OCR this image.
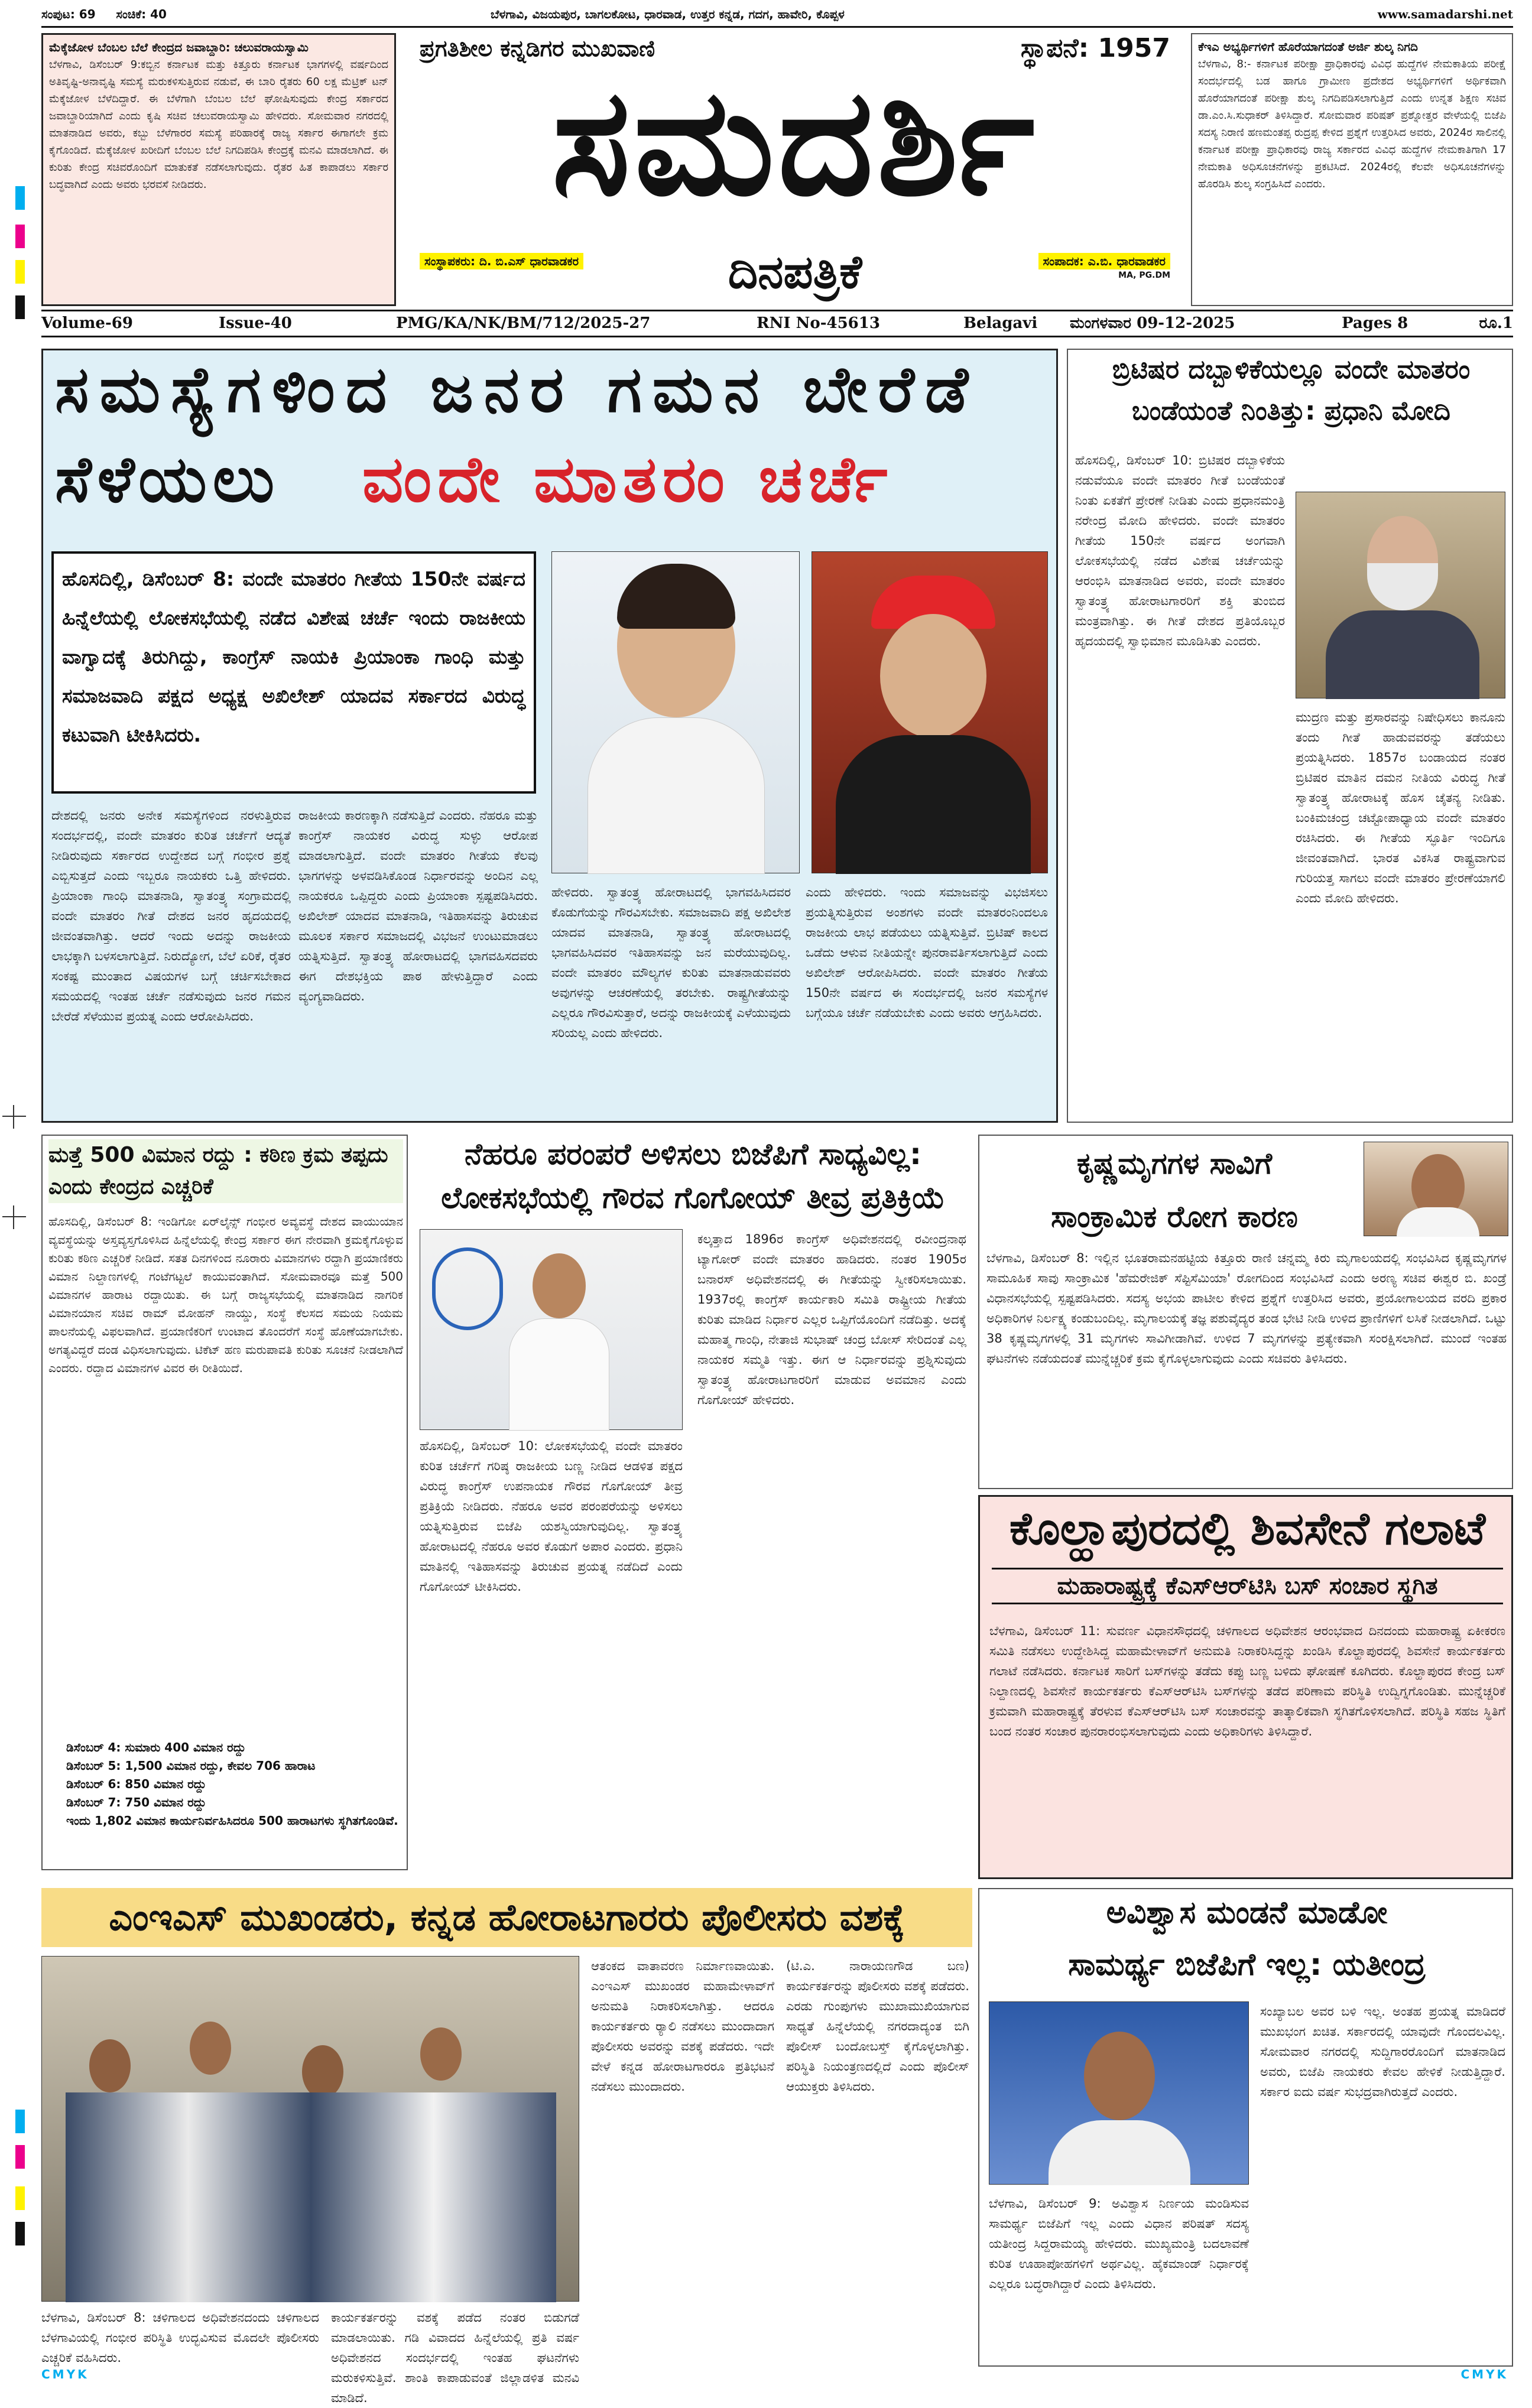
ಸಂಪುಟ: 69     ಸಂಚಿಕೆ: 40	ಬೆಳಗಾವಿ, ವಿಜಯಪುರ, ಬಾಗಲಕೋಟ, ಧಾರವಾಡ, ಉತ್ತರ ಕನ್ನಡ, ಗದಗ, ಹಾವೇರಿ, ಕೊಪ್ಪಳ	www.samadarshi.net
ಮೆಕ್ಕೆಜೋಳ ಬೆಂಬಲ ಬೆಲೆ ಕೇಂದ್ರದ ಜವಾಬ್ದಾರಿ: ಚಲುವರಾಯಸ್ವಾಮಿ
ಬೆಳಗಾವಿ, ಡಿಸೆಂಬರ್ 9:ಕಬ್ಬಿನ ಕರ್ನಾಟಕ ಮತ್ತು ಕಿತ್ತೂರು ಕರ್ನಾಟಕ ಭಾಗಗಳಲ್ಲಿ ವರ್ಷದಿಂದ ಅತಿವೃಷ್ಟಿ-ಅನಾವೃಷ್ಟಿ ಸಮಸ್ಯೆ ಮರುಕಳಿಸುತ್ತಿರುವ ನಡುವೆ, ಈ ಬಾರಿ ರೈತರು 60 ಲಕ್ಷ ಮೆಟ್ರಿಕ್ ಟನ್ ಮೆಕ್ಕೆಜೋಳ ಬೆಳೆದಿದ್ದಾರೆ. ಈ ಬೆಳೆಗಾಗಿ ಬೆಂಬಲ ಬೆಲೆ ಘೋಷಿಸುವುದು ಕೇಂದ್ರ ಸರ್ಕಾರದ ಜವಾಬ್ದಾರಿಯಾಗಿದೆ ಎಂದು ಕೃಷಿ ಸಚಿವ ಚಲುವರಾಯಸ್ವಾಮಿ ಹೇಳಿದರು. ಸೋಮವಾರ ನಗರದಲ್ಲಿ ಮಾತನಾಡಿದ ಅವರು, ಕಬ್ಬು ಬೆಳೆಗಾರರ ಸಮಸ್ಯೆ ಪರಿಹಾರಕ್ಕೆ ರಾಜ್ಯ ಸರ್ಕಾರ ಈಗಾಗಲೇ ಕ್ರಮ ಕೈಗೊಂಡಿದೆ. ಮೆಕ್ಕೆಜೋಳ ಖರೀದಿಗೆ ಬೆಂಬಲ ಬೆಲೆ ನಿಗದಿಪಡಿಸಿ ಕೇಂದ್ರಕ್ಕೆ ಮನವಿ ಮಾಡಲಾಗಿದೆ. ಈ ಕುರಿತು ಕೇಂದ್ರ ಸಚಿವರೊಂದಿಗೆ ಮಾತುಕತೆ ನಡೆಸಲಾಗುವುದು. ರೈತರ ಹಿತ ಕಾಪಾಡಲು ಸರ್ಕಾರ ಬದ್ಧವಾಗಿದೆ ಎಂದು ಅವರು ಭರವಸೆ ನೀಡಿದರು.
ಪ್ರಗತಿಶೀಲ ಕನ್ನಡಿಗರ ಮುಖವಾಣಿ	ಸ್ಥಾಪನೆ: 1957
ಸಮದರ್ಶಿ
ಸಂಸ್ಥಾಪಕರು: ದಿ. ಬಿ.ಎಸ್ ಧಾರವಾಡಕರ	ದಿನಪತ್ರಿಕೆ	ಸಂಪಾದಕ: ಎ.ಬಿ. ಧಾರವಾಡಕರ
MA, PG.DM
ಕೆಇಎ ಅಭ್ಯರ್ಥಿಗಳಿಗೆ ಹೊರೆಯಾಗದಂತೆ ಅರ್ಜಿ ಶುಲ್ಕ ನಿಗದಿ
ಬೆಳಗಾವಿ, 8:- ಕರ್ನಾಟಕ ಪರೀಕ್ಷಾ ಪ್ರಾಧಿಕಾರವು ವಿವಿಧ ಹುದ್ದೆಗಳ ನೇಮಕಾತಿಯ ಪರೀಕ್ಷೆ ಸಂದರ್ಭದಲ್ಲಿ ಬಡ ಹಾಗೂ ಗ್ರಾಮೀಣ ಪ್ರದೇಶದ ಅಭ್ಯರ್ಥಿಗಳಿಗೆ ಅರ್ಥಿಕವಾಗಿ ಹೊರೆಯಾಗದಂತೆ ಪರೀಕ್ಷಾ ಶುಲ್ಕ ನಿಗದಿಪಡಿಸಲಾಗುತ್ತಿದೆ ಎಂದು ಉನ್ನತ ಶಿಕ್ಷಣ ಸಚಿವ ಡಾ.ಎಂ.ಸಿ.ಸುಧಾಕರ್ ತಿಳಿಸಿದ್ದಾರೆ. ಸೋಮವಾರ ಪರಿಷತ್ ಪ್ರಶ್ನೋತ್ತರ ವೇಳೆಯಲ್ಲಿ ಬಿಜೆಪಿ ಸದಸ್ಯ ನಿರಾಣಿ ಹಣಮಂತಪ್ಪ ರುದ್ರಪ್ಪ ಕೇಳಿದ ಪ್ರಶ್ನೆಗೆ ಉತ್ತರಿಸಿದ ಅವರು, 2024ರ ಸಾಲಿನಲ್ಲಿ ಕರ್ನಾಟಕ ಪರೀಕ್ಷಾ ಪ್ರಾಧಿಕಾರವು ರಾಜ್ಯ ಸರ್ಕಾರದ ವಿವಿಧ ಹುದ್ದೆಗಳ ನೇಮಕಾತಿಗಾಗಿ 17 ನೇಮಕಾತಿ ಅಧಿಸೂಚನೆಗಳನ್ನು ಪ್ರಕಟಿಸಿದೆ. 2024ರಲ್ಲಿ ಕೆಲವೇ ಅಧಿಸೂಚನೆಗಳನ್ನು ಹೊರಡಿಸಿ ಶುಲ್ಕ ಸಂಗ್ರಹಿಸಿದೆ ಎಂದರು.
Volume-69	Issue-40	PMG/KA/NK/BM/712/2025-27	RNI No-45613	Belagavi ಮಂಗಳವಾರ 09-12-2025	Pages 8	ರೂ.1
ಸಮಸ್ಯೆಗಳಿಂದ ಜನರ ಗಮನ ಬೇರೆಡೆ
ಸೆಳೆಯಲು ವಂದೇ ಮಾತರಂ ಚರ್ಚೆ
ಹೊಸದಿಲ್ಲಿ, ಡಿಸೆಂಬರ್ 8: ವಂದೇ ಮಾತರಂ ಗೀತೆಯ 150ನೇ ವರ್ಷದ ಹಿನ್ನೆಲೆಯಲ್ಲಿ ಲೋಕಸಭೆಯಲ್ಲಿ ನಡೆದ ವಿಶೇಷ ಚರ್ಚೆ ಇಂದು ರಾಜಕೀಯ ವಾಗ್ವಾದಕ್ಕೆ ತಿರುಗಿದ್ದು, ಕಾಂಗ್ರೆಸ್ ನಾಯಕಿ ಪ್ರಿಯಾಂಕಾ ಗಾಂಧಿ ಮತ್ತು ಸಮಾಜವಾದಿ ಪಕ್ಷದ ಅಧ್ಯಕ್ಷ ಅಖಿಲೇಶ್ ಯಾದವ ಸರ್ಕಾರದ ವಿರುದ್ಧ ಕಟುವಾಗಿ ಟೀಕಿಸಿದರು.
ದೇಶದಲ್ಲಿ ಜನರು ಅನೇಕ ಸಮಸ್ಯೆಗಳಿಂದ ನರಳುತ್ತಿರುವ ಸಂದರ್ಭದಲ್ಲಿ, ವಂದೇ ಮಾತರಂ ಕುರಿತ ಚರ್ಚೆಗೆ ಆದ್ಯತೆ ನೀಡಿರುವುದು ಸರ್ಕಾರದ ಉದ್ದೇಶದ ಬಗ್ಗೆ ಗಂಭೀರ ಪ್ರಶ್ನೆ ಎಬ್ಬಿಸುತ್ತದೆ ಎಂದು ಇಬ್ಬರೂ ನಾಯಕರು ಒತ್ತಿ ಹೇಳಿದರು. ಪ್ರಿಯಾಂಕಾ ಗಾಂಧಿ ಮಾತನಾಡಿ, ಸ್ವಾತಂತ್ರ್ಯ ಸಂಗ್ರಾಮದಲ್ಲಿ ವಂದೇ ಮಾತರಂ ಗೀತೆ ದೇಶದ ಜನರ ಹೃದಯದಲ್ಲಿ ಜೀವಂತವಾಗಿತ್ತು. ಆದರೆ ಇಂದು ಅದನ್ನು ರಾಜಕೀಯ ಲಾಭಕ್ಕಾಗಿ ಬಳಸಲಾಗುತ್ತಿದೆ. ನಿರುದ್ಯೋಗ, ಬೆಲೆ ಏರಿಕೆ, ರೈತರ ಸಂಕಷ್ಟ ಮುಂತಾದ ವಿಷಯಗಳ ಬಗ್ಗೆ ಚರ್ಚಿಸಬೇಕಾದ ಸಮಯದಲ್ಲಿ ಇಂತಹ ಚರ್ಚೆ ನಡೆಸುವುದು ಜನರ ಗಮನ ಬೇರೆಡೆ ಸೆಳೆಯುವ ಪ್ರಯತ್ನ ಎಂದು ಆರೋಪಿಸಿದರು.
ರಾಜಕೀಯ ಕಾರಣಕ್ಕಾಗಿ ನಡೆಸುತ್ತಿದೆ ಎಂದರು. ನೆಹರೂ ಮತ್ತು ಕಾಂಗ್ರೆಸ್ ನಾಯಕರ ವಿರುದ್ಧ ಸುಳ್ಳು ಆರೋಪ ಮಾಡಲಾಗುತ್ತಿದೆ. ವಂದೇ ಮಾತರಂ ಗೀತೆಯ ಕೆಲವು ಭಾಗಗಳನ್ನು ಅಳವಡಿಸಿಕೊಂಡ ನಿರ್ಧಾರವನ್ನು ಅಂದಿನ ಎಲ್ಲ ನಾಯಕರೂ ಒಪ್ಪಿದ್ದರು ಎಂದು ಪ್ರಿಯಾಂಕಾ ಸ್ಪಷ್ಟಪಡಿಸಿದರು. ಅಖಿಲೇಶ್ ಯಾದವ ಮಾತನಾಡಿ, ಇತಿಹಾಸವನ್ನು ತಿರುಚುವ ಮೂಲಕ ಸರ್ಕಾರ ಸಮಾಜದಲ್ಲಿ ವಿಭಜನೆ ಉಂಟುಮಾಡಲು ಯತ್ನಿಸುತ್ತಿದೆ. ಸ್ವಾತಂತ್ರ್ಯ ಹೋರಾಟದಲ್ಲಿ ಭಾಗವಹಿಸದವರು ಈಗ ದೇಶಭಕ್ತಿಯ ಪಾಠ ಹೇಳುತ್ತಿದ್ದಾರೆ ಎಂದು ವ್ಯಂಗ್ಯವಾಡಿದರು.
ಹೇಳಿದರು. ಸ್ವಾತಂತ್ರ್ಯ ಹೋರಾಟದಲ್ಲಿ ಭಾಗವಹಿಸಿದವರ ಕೊಡುಗೆಯನ್ನು ಗೌರವಿಸಬೇಕು. ಸಮಾಜವಾದಿ ಪಕ್ಷ ಅಖಿಲೇಶ ಯಾದವ ಮಾತನಾಡಿ, ಸ್ವಾತಂತ್ರ್ಯ ಹೋರಾಟದಲ್ಲಿ ಭಾಗವಹಿಸಿದವರ ಇತಿಹಾಸವನ್ನು ಜನ ಮರೆಯುವುದಿಲ್ಲ. ವಂದೇ ಮಾತರಂ ಮೌಲ್ಯಗಳ ಕುರಿತು ಮಾತನಾಡುವವರು ಅವುಗಳನ್ನು ಆಚರಣೆಯಲ್ಲಿ ತರಬೇಕು. ರಾಷ್ಟ್ರಗೀತೆಯನ್ನು ಎಲ್ಲರೂ ಗೌರವಿಸುತ್ತಾರೆ, ಅದನ್ನು ರಾಜಕೀಯಕ್ಕೆ ಎಳೆಯುವುದು ಸರಿಯಲ್ಲ ಎಂದು ಹೇಳಿದರು.
ಎಂದು ಹೇಳಿದರು. ಇಂದು ಸಮಾಜವನ್ನು ವಿಭಜಿಸಲು ಪ್ರಯತ್ನಿಸುತ್ತಿರುವ ಅಂಶಗಳು ವಂದೇ ಮಾತರಂನಿಂದಲೂ ರಾಜಕೀಯ ಲಾಭ ಪಡೆಯಲು ಯತ್ನಿಸುತ್ತಿವೆ. ಬ್ರಿಟಿಷ್ ಕಾಲದ ಒಡೆದು ಆಳುವ ನೀತಿಯನ್ನೇ ಪುನರಾವರ್ತಿಸಲಾಗುತ್ತಿದೆ ಎಂದು ಅಖಿಲೇಶ್ ಆರೋಪಿಸಿದರು. ವಂದೇ ಮಾತರಂ ಗೀತೆಯ 150ನೇ ವರ್ಷದ ಈ ಸಂದರ್ಭದಲ್ಲಿ ಜನರ ಸಮಸ್ಯೆಗಳ ಬಗ್ಗೆಯೂ ಚರ್ಚೆ ನಡೆಯಬೇಕು ಎಂದು ಅವರು ಆಗ್ರಹಿಸಿದರು.
ಬ್ರಿಟಿಷರ ದಬ್ಬಾಳಿಕೆಯಲ್ಲೂ ವಂದೇ ಮಾತರಂ
ಬಂಡೆಯಂತೆ ನಿಂತಿತ್ತು: ಪ್ರಧಾನಿ ಮೋದಿ
ಹೊಸದಿಲ್ಲಿ, ಡಿಸೆಂಬರ್ 10: ಬ್ರಿಟಿಷರ ದಬ್ಬಾಳಿಕೆಯ ನಡುವೆಯೂ ವಂದೇ ಮಾತರಂ ಗೀತೆ ಬಂಡೆಯಂತೆ ನಿಂತು ಏಕತೆಗೆ ಪ್ರೇರಣೆ ನೀಡಿತು ಎಂದು ಪ್ರಧಾನಮಂತ್ರಿ ನರೇಂದ್ರ ಮೋದಿ ಹೇಳಿದರು. ವಂದೇ ಮಾತರಂ ಗೀತೆಯ 150ನೇ ವರ್ಷದ ಅಂಗವಾಗಿ ಲೋಕಸಭೆಯಲ್ಲಿ ನಡೆದ ವಿಶೇಷ ಚರ್ಚೆಯನ್ನು ಆರಂಭಿಸಿ ಮಾತನಾಡಿದ ಅವರು, ವಂದೇ ಮಾತರಂ ಸ್ವಾತಂತ್ರ್ಯ ಹೋರಾಟಗಾರರಿಗೆ ಶಕ್ತಿ ತುಂಬಿದ ಮಂತ್ರವಾಗಿತ್ತು. ಈ ಗೀತೆ ದೇಶದ ಪ್ರತಿಯೊಬ್ಬರ ಹೃದಯದಲ್ಲಿ ಸ್ವಾಭಿಮಾನ ಮೂಡಿಸಿತು ಎಂದರು.
ಮುದ್ರಣ ಮತ್ತು ಪ್ರಸಾರವನ್ನು ನಿಷೇಧಿಸಲು ಕಾನೂನು ತಂದು ಗೀತೆ ಹಾಡುವವರನ್ನು ತಡೆಯಲು ಪ್ರಯತ್ನಿಸಿದರು. 1857ರ ಬಂಡಾಯದ ನಂತರ ಬ್ರಿಟಿಷರ ಮಾತಿನ ದಮನ ನೀತಿಯ ವಿರುದ್ಧ ಗೀತೆ ಸ್ವಾತಂತ್ರ್ಯ ಹೋರಾಟಕ್ಕೆ ಹೊಸ ಚೈತನ್ಯ ನೀಡಿತು. ಬಂಕಿಮಚಂದ್ರ ಚಟ್ಟೋಪಾಧ್ಯಾಯ ವಂದೇ ಮಾತರಂ ರಚಿಸಿದರು. ಈ ಗೀತೆಯ ಸ್ಫೂರ್ತಿ ಇಂದಿಗೂ ಜೀವಂತವಾಗಿದೆ. ಭಾರತ ವಿಕಸಿತ ರಾಷ್ಟ್ರವಾಗುವ ಗುರಿಯತ್ತ ಸಾಗಲು ವಂದೇ ಮಾತರಂ ಪ್ರೇರಣೆಯಾಗಲಿ ಎಂದು ಮೋದಿ ಹೇಳಿದರು.
ಮತ್ತೆ 500 ವಿಮಾನ ರದ್ದು : ಕಠಿಣ ಕ್ರಮ ತಪ್ಪದು ಎಂದು ಕೇಂದ್ರದ ಎಚ್ಚರಿಕೆ
ಹೊಸದಿಲ್ಲಿ, ಡಿಸೆಂಬರ್ 8: ಇಂಡಿಗೋ ಏರ್‌ಲೈನ್ಸ್ ಗಂಭೀರ ಅವ್ಯವಸ್ಥೆ ದೇಶದ ವಾಯುಯಾನ ವ್ಯವಸ್ಥೆಯನ್ನು ಅಸ್ತವ್ಯಸ್ತಗೊಳಿಸಿದ ಹಿನ್ನೆಲೆಯಲ್ಲಿ ಕೇಂದ್ರ ಸರ್ಕಾರ ಈಗ ನೇರವಾಗಿ ಕ್ರಮಕೈಗೊಳ್ಳುವ ಕುರಿತು ಕಠಿಣ ಎಚ್ಚರಿಕೆ ನೀಡಿದೆ. ಸತತ ದಿನಗಳಿಂದ ನೂರಾರು ವಿಮಾನಗಳು ರದ್ದಾಗಿ ಪ್ರಯಾಣಿಕರು ವಿಮಾನ ನಿಲ್ದಾಣಗಳಲ್ಲಿ ಗಂಟೆಗಟ್ಟಲೆ ಕಾಯುವಂತಾಗಿದೆ. ಸೋಮವಾರವೂ ಮತ್ತೆ 500 ವಿಮಾನಗಳ ಹಾರಾಟ ರದ್ದಾಯಿತು. ಈ ಬಗ್ಗೆ ರಾಜ್ಯಸಭೆಯಲ್ಲಿ ಮಾತನಾಡಿದ ನಾಗರಿಕ ವಿಮಾನಯಾನ ಸಚಿವ ರಾಮ್ ಮೋಹನ್ ನಾಯ್ಡು, ಸಂಸ್ಥೆ ಕೆಲಸದ ಸಮಯ ನಿಯಮ ಪಾಲನೆಯಲ್ಲಿ ವಿಫಲವಾಗಿದೆ. ಪ್ರಯಾಣಿಕರಿಗೆ ಉಂಟಾದ ತೊಂದರೆಗೆ ಸಂಸ್ಥೆ ಹೊಣೆಯಾಗಬೇಕು. ಅಗತ್ಯವಿದ್ದರೆ ದಂಡ ವಿಧಿಸಲಾಗುವುದು. ಟಿಕೆಟ್ ಹಣ ಮರುಪಾವತಿ ಕುರಿತು ಸೂಚನೆ ನೀಡಲಾಗಿದೆ ಎಂದರು. ರದ್ದಾದ ವಿಮಾನಗಳ ವಿವರ ಈ ರೀತಿಯಿದೆ.
ಡಿಸೆಂಬರ್ 4: ಸುಮಾರು 400 ವಿಮಾನ ರದ್ದು
ಡಿಸೆಂಬರ್ 5: 1,500 ವಿಮಾನ ರದ್ದು, ಕೇವಲ 706 ಹಾರಾಟ
ಡಿಸೆಂಬರ್ 6: 850 ವಿಮಾನ ರದ್ದು
ಡಿಸೆಂಬರ್ 7: 750 ವಿಮಾನ ರದ್ದು
ಇಂದು 1,802 ವಿಮಾನ ಕಾರ್ಯನಿರ್ವಹಿಸಿದರೂ 500 ಹಾರಾಟಗಳು ಸ್ಥಗಿತಗೊಂಡಿವೆ.
ನೆಹರೂ ಪರಂಪರೆ ಅಳಿಸಲು ಬಿಜೆಪಿಗೆ ಸಾಧ್ಯವಿಲ್ಲ:
ಲೋಕಸಭೆಯಲ್ಲಿ ಗೌರವ ಗೊಗೋಯ್ ತೀವ್ರ ಪ್ರತಿಕ್ರಿಯೆ
ಹೊಸದಿಲ್ಲಿ, ಡಿಸೆಂಬರ್ 10: ಲೋಕಸಭೆಯಲ್ಲಿ ವಂದೇ ಮಾತರಂ ಕುರಿತ ಚರ್ಚೆಗೆ ಗರಿಷ್ಠ ರಾಜಕೀಯ ಬಣ್ಣ ನೀಡಿದ ಆಡಳಿತ ಪಕ್ಷದ ವಿರುದ್ಧ ಕಾಂಗ್ರೆಸ್ ಉಪನಾಯಕ ಗೌರವ ಗೊಗೋಯ್ ತೀವ್ರ ಪ್ರತಿಕ್ರಿಯೆ ನೀಡಿದರು. ನೆಹರೂ ಅವರ ಪರಂಪರೆಯನ್ನು ಅಳಿಸಲು ಯತ್ನಿಸುತ್ತಿರುವ ಬಿಜೆಪಿ ಯಶಸ್ವಿಯಾಗುವುದಿಲ್ಲ. ಸ್ವಾತಂತ್ರ್ಯ ಹೋರಾಟದಲ್ಲಿ ನೆಹರೂ ಅವರ ಕೊಡುಗೆ ಅಪಾರ ಎಂದರು. ಪ್ರಧಾನಿ ಮಾತಿನಲ್ಲಿ ಇತಿಹಾಸವನ್ನು ತಿರುಚುವ ಪ್ರಯತ್ನ ನಡೆದಿದೆ ಎಂದು ಗೊಗೋಯ್ ಟೀಕಿಸಿದರು.
ಕಲ್ಕತ್ತಾದ 1896ರ ಕಾಂಗ್ರೆಸ್ ಅಧಿವೇಶನದಲ್ಲಿ ರವೀಂದ್ರನಾಥ ಟ್ಯಾಗೋರ್ ವಂದೇ ಮಾತರಂ ಹಾಡಿದರು. ನಂತರ 1905ರ ಬನಾರಸ್ ಅಧಿವೇಶನದಲ್ಲಿ ಈ ಗೀತೆಯನ್ನು ಸ್ವೀಕರಿಸಲಾಯಿತು. 1937ರಲ್ಲಿ ಕಾಂಗ್ರೆಸ್ ಕಾರ್ಯಕಾರಿ ಸಮಿತಿ ರಾಷ್ಟ್ರೀಯ ಗೀತೆಯ ಕುರಿತು ಮಾಡಿದ ನಿರ್ಧಾರ ಎಲ್ಲರ ಒಪ್ಪಿಗೆಯೊಂದಿಗೆ ನಡೆದಿತ್ತು. ಅದಕ್ಕೆ ಮಹಾತ್ಮ ಗಾಂಧಿ, ನೇತಾಜಿ ಸುಭಾಷ್ ಚಂದ್ರ ಬೋಸ್ ಸೇರಿದಂತೆ ಎಲ್ಲ ನಾಯಕರ ಸಮ್ಮತಿ ಇತ್ತು. ಈಗ ಆ ನಿರ್ಧಾರವನ್ನು ಪ್ರಶ್ನಿಸುವುದು ಸ್ವಾತಂತ್ರ್ಯ ಹೋರಾಟಗಾರರಿಗೆ ಮಾಡುವ ಅವಮಾನ ಎಂದು ಗೊಗೋಯ್ ಹೇಳಿದರು.
ಕೃಷ್ಣಮೃಗಗಳ ಸಾವಿಗೆ
ಸಾಂಕ್ರಾಮಿಕ ರೋಗ ಕಾರಣ
ಬೆಳಗಾವಿ, ಡಿಸೆಂಬರ್ 8: ಇಲ್ಲಿನ ಭೂತರಾಮನಹಟ್ಟಿಯ ಕಿತ್ತೂರು ರಾಣಿ ಚನ್ನಮ್ಮ ಕಿರು ಮೃಗಾಲಯದಲ್ಲಿ ಸಂಭವಿಸಿದ ಕೃಷ್ಣಮೃಗಗಳ ಸಾಮೂಹಿಕ ಸಾವು ಸಾಂಕ್ರಾಮಿಕ 'ಹೆಮರೇಜಿಕ್ ಸೆಪ್ಟಿಸೆಮಿಯಾ' ರೋಗದಿಂದ ಸಂಭವಿಸಿದೆ ಎಂದು ಅರಣ್ಯ ಸಚಿವ ಈಶ್ವರ ಬಿ. ಖಂಡ್ರೆ ವಿಧಾನಸಭೆಯಲ್ಲಿ ಸ್ಪಷ್ಟಪಡಿಸಿದರು. ಸದಸ್ಯ ಅಭಯ ಪಾಟೀಲ ಕೇಳಿದ ಪ್ರಶ್ನೆಗೆ ಉತ್ತರಿಸಿದ ಅವರು, ಪ್ರಯೋಗಾಲಯದ ವರದಿ ಪ್ರಕಾರ ಅಧಿಕಾರಿಗಳ ನಿರ್ಲಕ್ಷ್ಯ ಕಂಡುಬಂದಿಲ್ಲ. ಮೃಗಾಲಯಕ್ಕೆ ತಜ್ಞ ಪಶುವೈದ್ಯರ ತಂಡ ಭೇಟಿ ನೀಡಿ ಉಳಿದ ಪ್ರಾಣಿಗಳಿಗೆ ಲಸಿಕೆ ನೀಡಲಾಗಿದೆ. ಒಟ್ಟು 38 ಕೃಷ್ಣಮೃಗಗಳಲ್ಲಿ 31 ಮೃಗಗಳು ಸಾವಿಗೀಡಾಗಿವೆ. ಉಳಿದ 7 ಮೃಗಗಳನ್ನು ಪ್ರತ್ಯೇಕವಾಗಿ ಸಂರಕ್ಷಿಸಲಾಗಿದೆ. ಮುಂದೆ ಇಂತಹ ಘಟನೆಗಳು ನಡೆಯದಂತೆ ಮುನ್ನೆಚ್ಚರಿಕೆ ಕ್ರಮ ಕೈಗೊಳ್ಳಲಾಗುವುದು ಎಂದು ಸಚಿವರು ತಿಳಿಸಿದರು.
ಕೊಲ್ಹಾಪುರದಲ್ಲಿ ಶಿವಸೇನೆ ಗಲಾಟೆ
ಮಹಾರಾಷ್ಟ್ರಕ್ಕೆ ಕೆಎಸ್‌ಆರ್‌ಟಿಸಿ ಬಸ್ ಸಂಚಾರ ಸ್ಥಗಿತ
ಬೆಳಗಾವಿ, ಡಿಸೆಂಬರ್ 11: ಸುವರ್ಣ ವಿಧಾನಸೌಧದಲ್ಲಿ ಚಳಿಗಾಲದ ಅಧಿವೇಶನ ಆರಂಭವಾದ ದಿನದಂದು ಮಹಾರಾಷ್ಟ್ರ ಏಕೀಕರಣ ಸಮಿತಿ ನಡೆಸಲು ಉದ್ದೇಶಿಸಿದ್ದ ಮಹಾಮೇಳಾವ್‌ಗೆ ಅನುಮತಿ ನಿರಾಕರಿಸಿದ್ದನ್ನು ಖಂಡಿಸಿ ಕೊಲ್ಹಾಪುರದಲ್ಲಿ ಶಿವಸೇನೆ ಕಾರ್ಯಕರ್ತರು ಗಲಾಟೆ ನಡೆಸಿದರು. ಕರ್ನಾಟಕ ಸಾರಿಗೆ ಬಸ್‌ಗಳನ್ನು ತಡೆದು ಕಪ್ಪು ಬಣ್ಣ ಬಳಿದು ಘೋಷಣೆ ಕೂಗಿದರು. ಕೊಲ್ಹಾಪುರದ ಕೇಂದ್ರ ಬಸ್ ನಿಲ್ದಾಣದಲ್ಲಿ ಶಿವಸೇನೆ ಕಾರ್ಯಕರ್ತರು ಕೆಎಸ್‌ಆರ್‌ಟಿಸಿ ಬಸ್‌ಗಳನ್ನು ತಡೆದ ಪರಿಣಾಮ ಪರಿಸ್ಥಿತಿ ಉದ್ವಿಗ್ನಗೊಂಡಿತು. ಮುನ್ನೆಚ್ಚರಿಕೆ ಕ್ರಮವಾಗಿ ಮಹಾರಾಷ್ಟ್ರಕ್ಕೆ ತೆರಳುವ ಕೆಎಸ್‌ಆರ್‌ಟಿಸಿ ಬಸ್ ಸಂಚಾರವನ್ನು ತಾತ್ಕಾಲಿಕವಾಗಿ ಸ್ಥಗಿತಗೊಳಿಸಲಾಗಿದೆ. ಪರಿಸ್ಥಿತಿ ಸಹಜ ಸ್ಥಿತಿಗೆ ಬಂದ ನಂತರ ಸಂಚಾರ ಪುನರಾರಂಭಿಸಲಾಗುವುದು ಎಂದು ಅಧಿಕಾರಿಗಳು ತಿಳಿಸಿದ್ದಾರೆ.
ಎಂಇಎಸ್ ಮುಖಂಡರು, ಕನ್ನಡ ಹೋರಾಟಗಾರರು ಪೊಲೀಸರು ವಶಕ್ಕೆ
ಬೆಳಗಾವಿ, ಡಿಸೆಂಬರ್ 8: ಚಳಿಗಾಲದ ಅಧಿವೇಶನದಂದು ಚಳಿಗಾಲದ ಬೆಳಗಾವಿಯಲ್ಲಿ ಗಂಭೀರ ಪರಿಸ್ಥಿತಿ ಉದ್ಭವಿಸುವ ಮೊದಲೇ ಪೊಲೀಸರು ಎಚ್ಚರಿಕೆ ವಹಿಸಿದರು.
ಆತಂಕದ ವಾತಾವರಣ ನಿರ್ಮಾಣವಾಯಿತು. ಎಂಇಎಸ್ ಮುಖಂಡರ ಮಹಾಮೇಳಾವ್‌ಗೆ ಅನುಮತಿ ನಿರಾಕರಿಸಲಾಗಿತ್ತು. ಆದರೂ ಕಾರ್ಯಕರ್ತರು ರ್‍ಯಾಲಿ ನಡೆಸಲು ಮುಂದಾದಾಗ ಪೊಲೀಸರು ಅವರನ್ನು ವಶಕ್ಕೆ ಪಡೆದರು. ಇದೇ ವೇಳೆ ಕನ್ನಡ ಹೋರಾಟಗಾರರೂ ಪ್ರತಿಭಟನೆ ನಡೆಸಲು ಮುಂದಾದರು.
(ಟಿ.ಎ. ನಾರಾಯಣಗೌಡ ಬಣ) ಕಾರ್ಯಕರ್ತರನ್ನು ಪೊಲೀಸರು ವಶಕ್ಕೆ ಪಡೆದರು. ಎರಡು ಗುಂಪುಗಳು ಮುಖಾಮುಖಿಯಾಗುವ ಸಾಧ್ಯತೆ ಹಿನ್ನೆಲೆಯಲ್ಲಿ ನಗರದಾದ್ಯಂತ ಬಿಗಿ ಪೊಲೀಸ್ ಬಂದೋಬಸ್ತ್ ಕೈಗೊಳ್ಳಲಾಗಿತ್ತು. ಪರಿಸ್ಥಿತಿ ನಿಯಂತ್ರಣದಲ್ಲಿದೆ ಎಂದು ಪೊಲೀಸ್ ಆಯುಕ್ತರು ತಿಳಿಸಿದರು.
ಕಾರ್ಯಕರ್ತರನ್ನು ವಶಕ್ಕೆ ಪಡೆದ ನಂತರ ಬಿಡುಗಡೆ ಮಾಡಲಾಯಿತು. ಗಡಿ ವಿವಾದದ ಹಿನ್ನೆಲೆಯಲ್ಲಿ ಪ್ರತಿ ವರ್ಷ ಅಧಿವೇಶನದ ಸಂದರ್ಭದಲ್ಲಿ ಇಂತಹ ಘಟನೆಗಳು ಮರುಕಳಿಸುತ್ತಿವೆ. ಶಾಂತಿ ಕಾಪಾಡುವಂತೆ ಜಿಲ್ಲಾಡಳಿತ ಮನವಿ ಮಾಡಿದೆ.
ಅವಿಶ್ವಾಸ ಮಂಡನೆ ಮಾಡೋ
ಸಾಮರ್ಥ್ಯ ಬಿಜೆಪಿಗೆ ಇಲ್ಲ: ಯತೀಂದ್ರ
ಸಂಖ್ಯಾಬಲ ಅವರ ಬಳಿ ಇಲ್ಲ. ಅಂತಹ ಪ್ರಯತ್ನ ಮಾಡಿದರೆ ಮುಖಭಂಗ ಖಚಿತ. ಸರ್ಕಾರದಲ್ಲಿ ಯಾವುದೇ ಗೊಂದಲವಿಲ್ಲ. ಸೋಮವಾರ ನಗರದಲ್ಲಿ ಸುದ್ದಿಗಾರರೊಂದಿಗೆ ಮಾತನಾಡಿದ ಅವರು, ಬಿಜೆಪಿ ನಾಯಕರು ಕೇವಲ ಹೇಳಿಕೆ ನೀಡುತ್ತಿದ್ದಾರೆ. ಸರ್ಕಾರ ಐದು ವರ್ಷ ಸುಭದ್ರವಾಗಿರುತ್ತದೆ ಎಂದರು.
ಬೆಳಗಾವಿ, ಡಿಸೆಂಬರ್ 9: ಅವಿಶ್ವಾಸ ನಿರ್ಣಯ ಮಂಡಿಸುವ ಸಾಮರ್ಥ್ಯ ಬಿಜೆಪಿಗೆ ಇಲ್ಲ ಎಂದು ವಿಧಾನ ಪರಿಷತ್ ಸದಸ್ಯ ಯತೀಂದ್ರ ಸಿದ್ದರಾಮಯ್ಯ ಹೇಳಿದರು. ಮುಖ್ಯಮಂತ್ರಿ ಬದಲಾವಣೆ ಕುರಿತ ಊಹಾಪೋಹಗಳಿಗೆ ಅರ್ಥವಿಲ್ಲ. ಹೈಕಮಾಂಡ್ ನಿರ್ಧಾರಕ್ಕೆ ಎಲ್ಲರೂ ಬದ್ಧರಾಗಿದ್ದಾರೆ ಎಂದು ತಿಳಿಸಿದರು.
CMYK	CMYK
